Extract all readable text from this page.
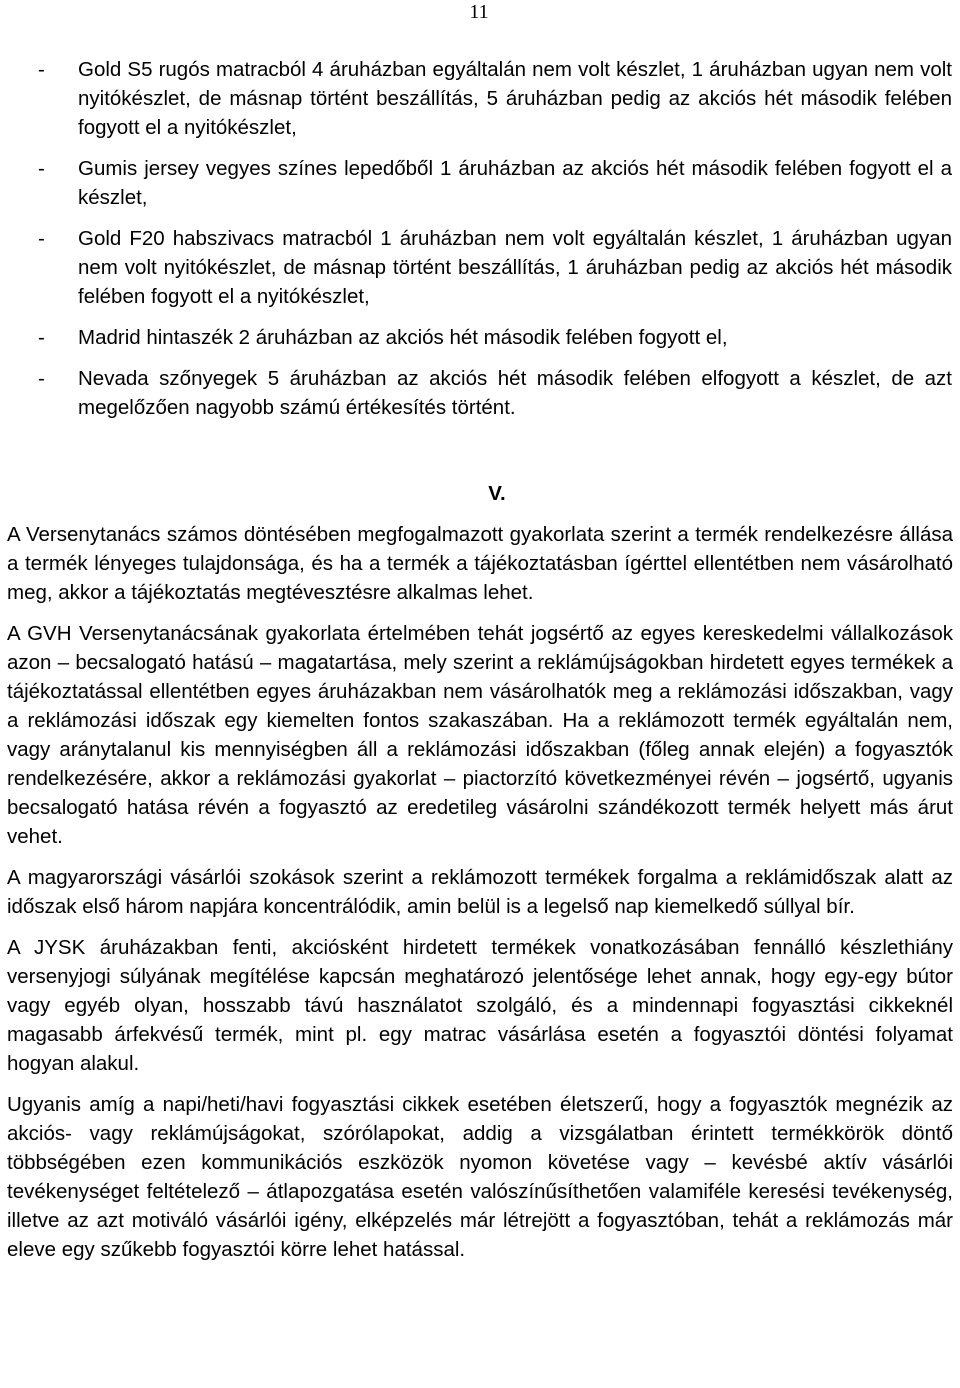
11
- Gold S5 rugós matracból 4 áruházban egyáltalán nem volt készlet, 1 áruházban ugyan nem volt nyitókészlet, de másnap történt beszállítás, 5 áruházban pedig az akciós hét második felében fogyott el a nyitókészlet,
- Gumis jersey vegyes színes lepedőből 1 áruházban az akciós hét második felében fogyott el a készlet,
- Gold F20 habszivacs matracból 1 áruházban nem volt egyáltalán készlet, 1 áruházban ugyan nem volt nyitókészlet, de másnap történt beszállítás, 1 áruházban pedig az akciós hét második felében fogyott el a nyitókészlet,
- Madrid hintaszék 2 áruházban az akciós hét második felében fogyott el,
- Nevada szőnyegek 5 áruházban az akciós hét második felében elfogyott a készlet, de azt megelőzően nagyobb számú értékesítés történt.
V.

A Versenytanács számos döntésében megfogalmazott gyakorlata szerint a termék rendelkezésre állása a termék lényeges tulajdonsága, és ha a termék a tájékoztatásban ígérttel ellentétben nem vásárolható meg, akkor a tájékoztatás megtévesztésre alkalmas lehet.

A GVH Versenytanácsának gyakorlata értelmében tehát jogsértő az egyes kereskedelmi vállalkozások azon – becsalogató hatású – magatartása, mely szerint a reklámújságokban hirdetett egyes termékek a tájékoztatással ellentétben egyes áruházakban nem vásárolhatók meg a reklámozási időszakban, vagy a reklámozási időszak egy kiemelten fontos szakaszában. Ha a reklámozott termék egyáltalán nem, vagy aránytalanul kis mennyiségben áll a reklámozási időszakban (főleg annak elején) a fogyasztók rendelkezésére, akkor a reklámozási gyakorlat – piactorzító következményei révén – jogsértő, ugyanis becsalogató hatása révén a fogyasztó az eredetileg vásárolni szándékozott termék helyett más árut vehet.

A magyarországi vásárlói szokások szerint a reklámozott termékek forgalma a reklámidőszak alatt az időszak első három napjára koncentrálódik, amin belül is a legelső nap kiemelkedő súllyal bír.

A JYSK áruházakban fenti, akciósként hirdetett termékek vonatkozásában fennálló készlethiány versenyjogi súlyának megítélése kapcsán meghatározó jelentősége lehet annak, hogy egy-egy bútor vagy egyéb olyan, hosszabb távú használatot szolgáló, és a mindennapi fogyasztási cikkeknél magasabb árfekvésű termék, mint pl. egy matrac vásárlása esetén a fogyasztói döntési folyamat hogyan alakul.

Ugyanis amíg a napi/heti/havi fogyasztási cikkek esetében életszerű, hogy a fogyasztók megnézik az akciós- vagy reklámújságokat, szórólapokat, addig a vizsgálatban érintett termékkörök döntő többségében ezen kommunikációs eszközök nyomon követése vagy – kevésbé aktív vásárlói tevékenységet feltételező – átlapozgatása esetén valószínűsíthetően valamiféle keresési tevékenység, illetve az azt motiváló vásárlói igény, elképzelés már létrejött a fogyasztóban, tehát a reklámozás már eleve egy szűkebb fogyasztói körre lehet hatással.
